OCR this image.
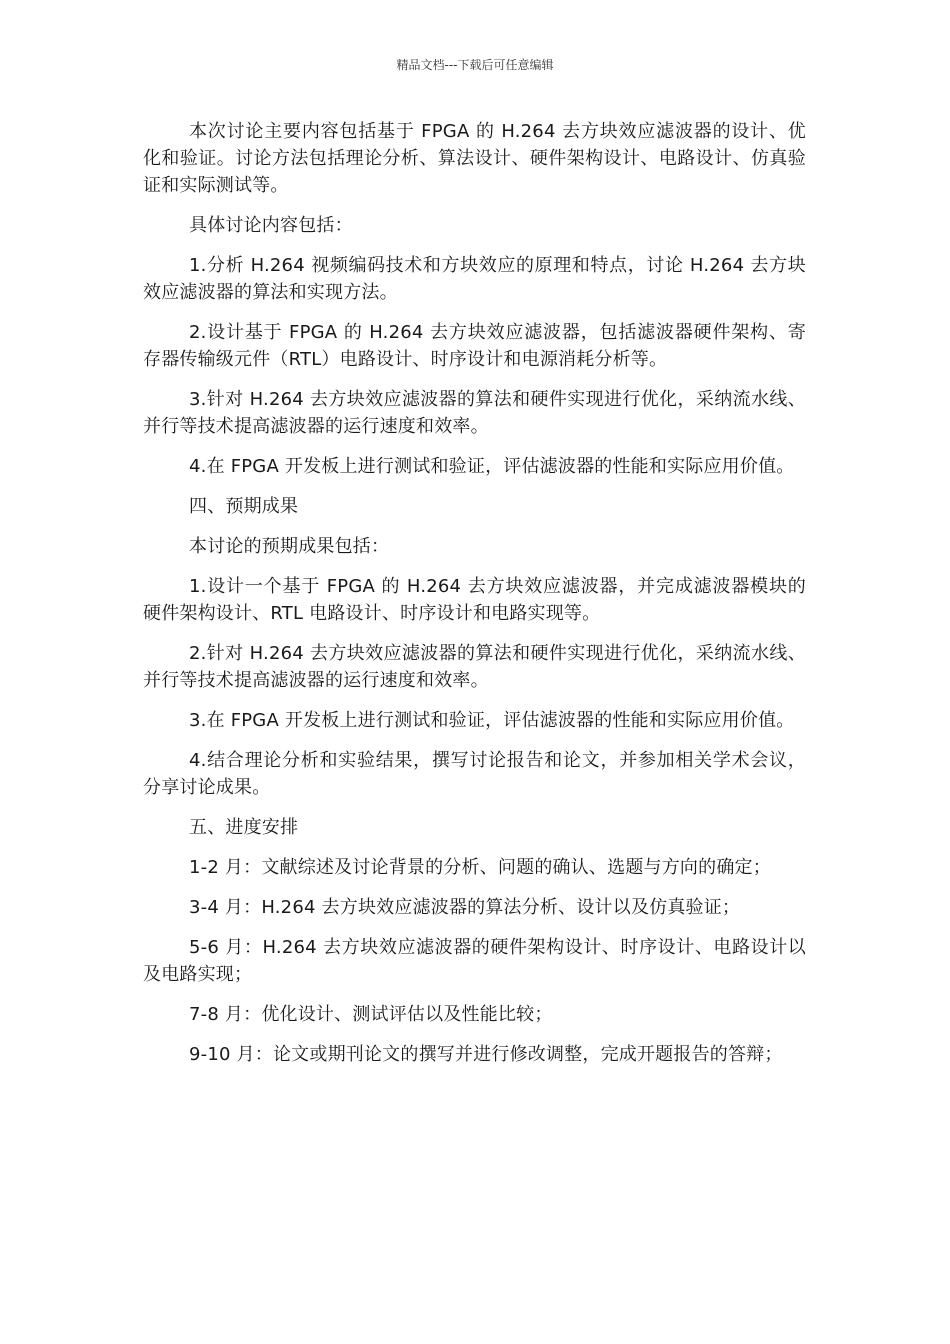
精品文档---下载后可任意编辑

本次讨论主要内容包括基于 FPGA 的 H.264 去方块效应滤波器的设计、优化和验证。讨论方法包括理论分析、算法设计、硬件架构设计、电路设计、仿真验证和实际测试等。

具体讨论内容包括：

1.分析 H.264 视频编码技术和方块效应的原理和特点，讨论 H.264 去方块效应滤波器的算法和实现方法。

2.设计基于 FPGA 的 H.264 去方块效应滤波器，包括滤波器硬件架构、寄存器传输级元件（RTL）电路设计、时序设计和电源消耗分析等。

3.针对 H.264 去方块效应滤波器的算法和硬件实现进行优化，采纳流水线、并行等技术提高滤波器的运行速度和效率。

4.在 FPGA 开发板上进行测试和验证，评估滤波器的性能和实际应用价值。

四、预期成果

本讨论的预期成果包括：

1.设计一个基于 FPGA 的 H.264 去方块效应滤波器，并完成滤波器模块的硬件架构设计、RTL 电路设计、时序设计和电路实现等。

2.针对 H.264 去方块效应滤波器的算法和硬件实现进行优化，采纳流水线、并行等技术提高滤波器的运行速度和效率。

3.在 FPGA 开发板上进行测试和验证，评估滤波器的性能和实际应用价值。

4.结合理论分析和实验结果，撰写讨论报告和论文，并参加相关学术会议，分享讨论成果。

五、进度安排

1-2 月：文献综述及讨论背景的分析、问题的确认、选题与方向的确定；

3-4 月：H.264 去方块效应滤波器的算法分析、设计以及仿真验证；

5-6 月：H.264 去方块效应滤波器的硬件架构设计、时序设计、电路设计以及电路实现；

7-8 月：优化设计、测试评估以及性能比较；

9-10 月：论文或期刊论文的撰写并进行修改调整，完成开题报告的答辩；
